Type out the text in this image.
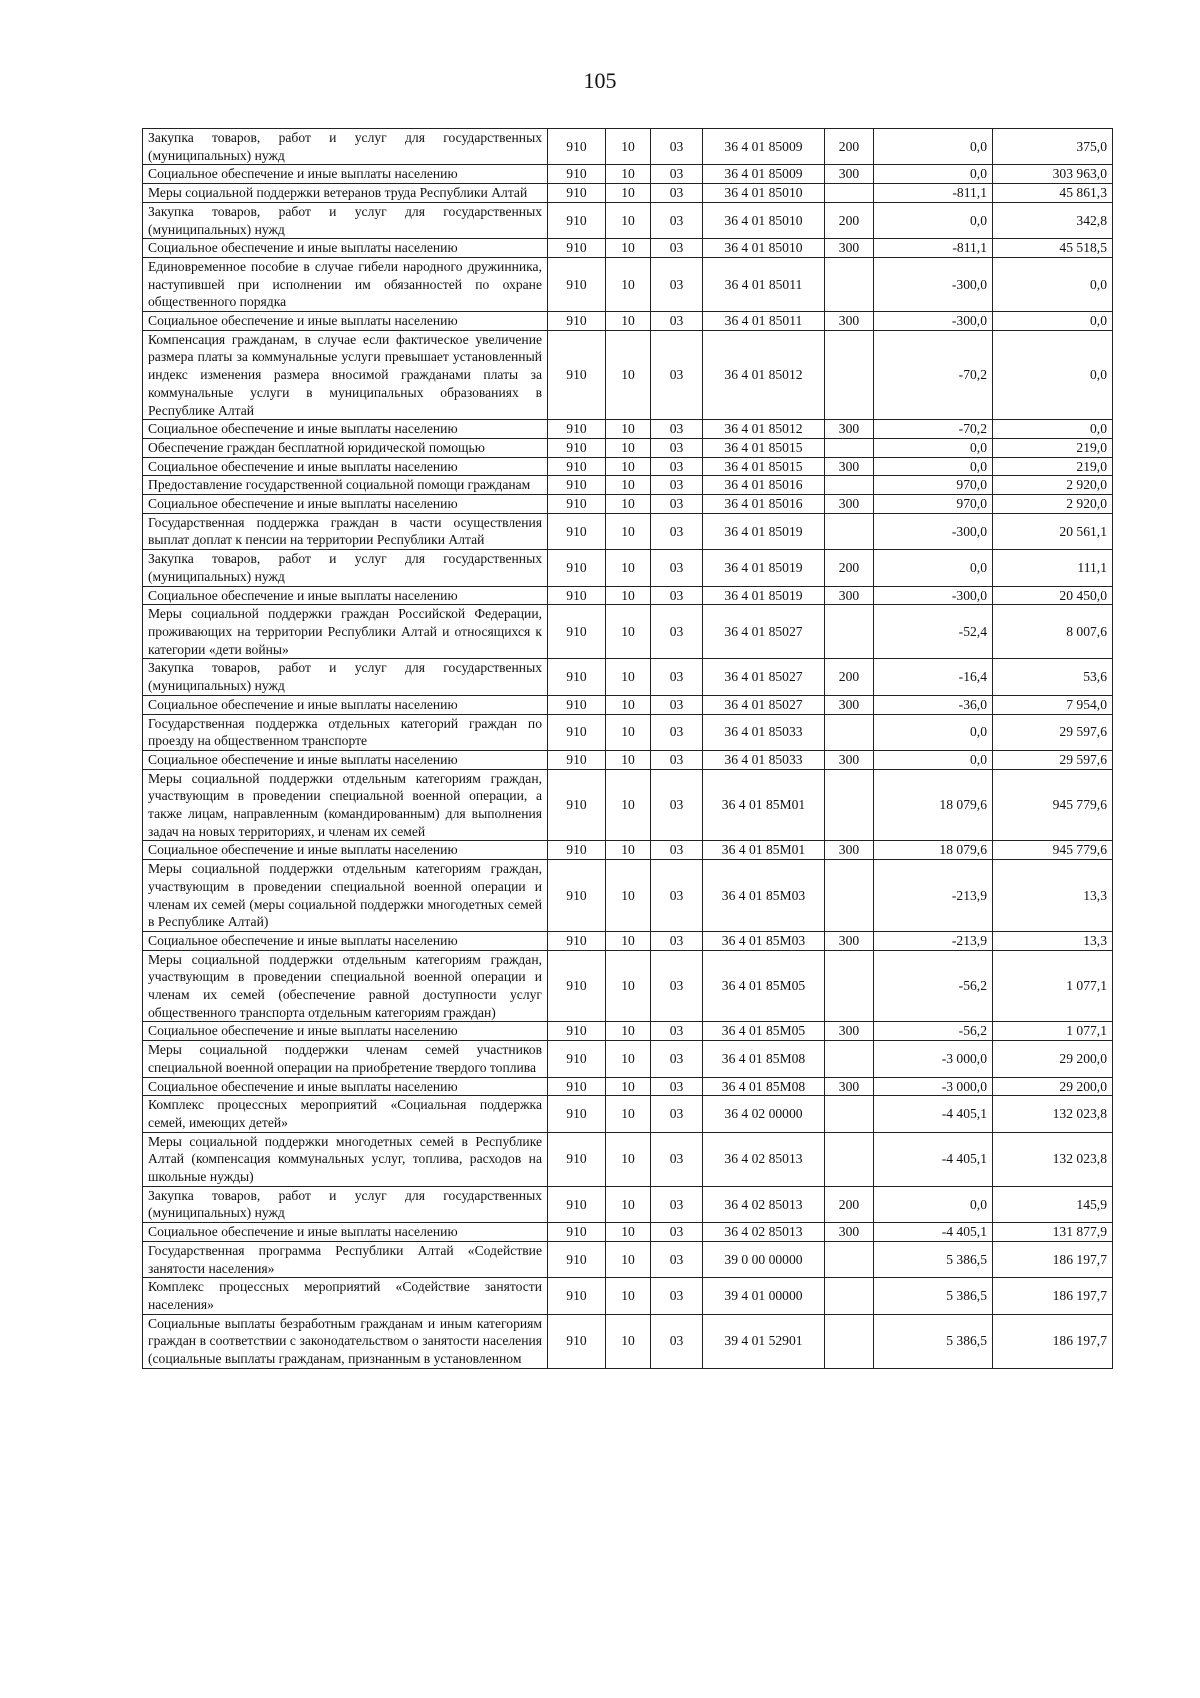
105
Закупка товаров, работ и услуг для государственных (муниципальных) нужд	910	10	03	36 4 01 85009	200	0,0	375,0
Социальное обеспечение и иные выплаты населению	910	10	03	36 4 01 85009	300	0,0	303 963,0
Меры социальной поддержки ветеранов труда Республики Алтай	910	10	03	36 4 01 85010		-811,1	45 861,3
Закупка товаров, работ и услуг для государственных (муниципальных) нужд	910	10	03	36 4 01 85010	200	0,0	342,8
Социальное обеспечение и иные выплаты населению	910	10	03	36 4 01 85010	300	-811,1	45 518,5
Единовременное пособие в случае гибели народного дружинника, наступившей при исполнении им обязанностей по охране общественного порядка	910	10	03	36 4 01 85011		-300,0	0,0
Социальное обеспечение и иные выплаты населению	910	10	03	36 4 01 85011	300	-300,0	0,0
Компенсация гражданам, в случае если фактическое увеличение размера платы за коммунальные услуги превышает установленный индекс изменения размера вносимой гражданами платы за коммунальные услуги в муниципальных образованиях в Республике Алтай	910	10	03	36 4 01 85012		-70,2	0,0
Социальное обеспечение и иные выплаты населению	910	10	03	36 4 01 85012	300	-70,2	0,0
Обеспечение граждан бесплатной юридической помощью	910	10	03	36 4 01 85015		0,0	219,0
Социальное обеспечение и иные выплаты населению	910	10	03	36 4 01 85015	300	0,0	219,0
Предоставление государственной социальной помощи гражданам	910	10	03	36 4 01 85016		970,0	2 920,0
Социальное обеспечение и иные выплаты населению	910	10	03	36 4 01 85016	300	970,0	2 920,0
Государственная поддержка граждан в части осуществления выплат доплат к пенсии на территории Республики Алтай	910	10	03	36 4 01 85019		-300,0	20 561,1
Закупка товаров, работ и услуг для государственных (муниципальных) нужд	910	10	03	36 4 01 85019	200	0,0	111,1
Социальное обеспечение и иные выплаты населению	910	10	03	36 4 01 85019	300	-300,0	20 450,0
Меры социальной поддержки граждан Российской Федерации, проживающих на территории Республики Алтай и относящихся к категории «дети войны»	910	10	03	36 4 01 85027		-52,4	8 007,6
Закупка товаров, работ и услуг для государственных (муниципальных) нужд	910	10	03	36 4 01 85027	200	-16,4	53,6
Социальное обеспечение и иные выплаты населению	910	10	03	36 4 01 85027	300	-36,0	7 954,0
Государственная поддержка отдельных категорий граждан по проезду на общественном транспорте	910	10	03	36 4 01 85033		0,0	29 597,6
Социальное обеспечение и иные выплаты населению	910	10	03	36 4 01 85033	300	0,0	29 597,6
Меры социальной поддержки отдельным категориям граждан, участвующим в проведении специальной военной операции, а также лицам, направленным (командированным) для выполнения задач на новых территориях, и членам их семей	910	10	03	36 4 01 85М01		18 079,6	945 779,6
Социальное обеспечение и иные выплаты населению	910	10	03	36 4 01 85М01	300	18 079,6	945 779,6
Меры социальной поддержки отдельным категориям граждан, участвующим в проведении специальной военной операции и членам их семей (меры социальной поддержки многодетных семей в Республике Алтай)	910	10	03	36 4 01 85М03		-213,9	13,3
Социальное обеспечение и иные выплаты населению	910	10	03	36 4 01 85М03	300	-213,9	13,3
Меры социальной поддержки отдельным категориям граждан, участвующим в проведении специальной военной операции и членам их семей (обеспечение равной доступности услуг общественного транспорта отдельным категориям граждан)	910	10	03	36 4 01 85М05		-56,2	1 077,1
Социальное обеспечение и иные выплаты населению	910	10	03	36 4 01 85М05	300	-56,2	1 077,1
Меры социальной поддержки членам семей участников специальной военной операции на приобретение твердого топлива	910	10	03	36 4 01 85М08		-3 000,0	29 200,0
Социальное обеспечение и иные выплаты населению	910	10	03	36 4 01 85М08	300	-3 000,0	29 200,0
Комплекс процессных мероприятий «Социальная поддержка семей, имеющих детей»	910	10	03	36 4 02 00000		-4 405,1	132 023,8
Меры социальной поддержки многодетных семей в Республике Алтай (компенсация коммунальных услуг, топлива, расходов на школьные нужды)	910	10	03	36 4 02 85013		-4 405,1	132 023,8
Закупка товаров, работ и услуг для государственных (муниципальных) нужд	910	10	03	36 4 02 85013	200	0,0	145,9
Социальное обеспечение и иные выплаты населению	910	10	03	36 4 02 85013	300	-4 405,1	131 877,9
Государственная программа Республики Алтай «Содействие занятости населения»	910	10	03	39 0 00 00000		5 386,5	186 197,7
Комплекс процессных мероприятий «Содействие занятости населения»	910	10	03	39 4 01 00000		5 386,5	186 197,7
Социальные выплаты безработным гражданам и иным категориям граждан в соответствии с законодательством о занятости населения (социальные выплаты гражданам, признанным в установленном	910	10	03	39 4 01 52901		5 386,5	186 197,7
